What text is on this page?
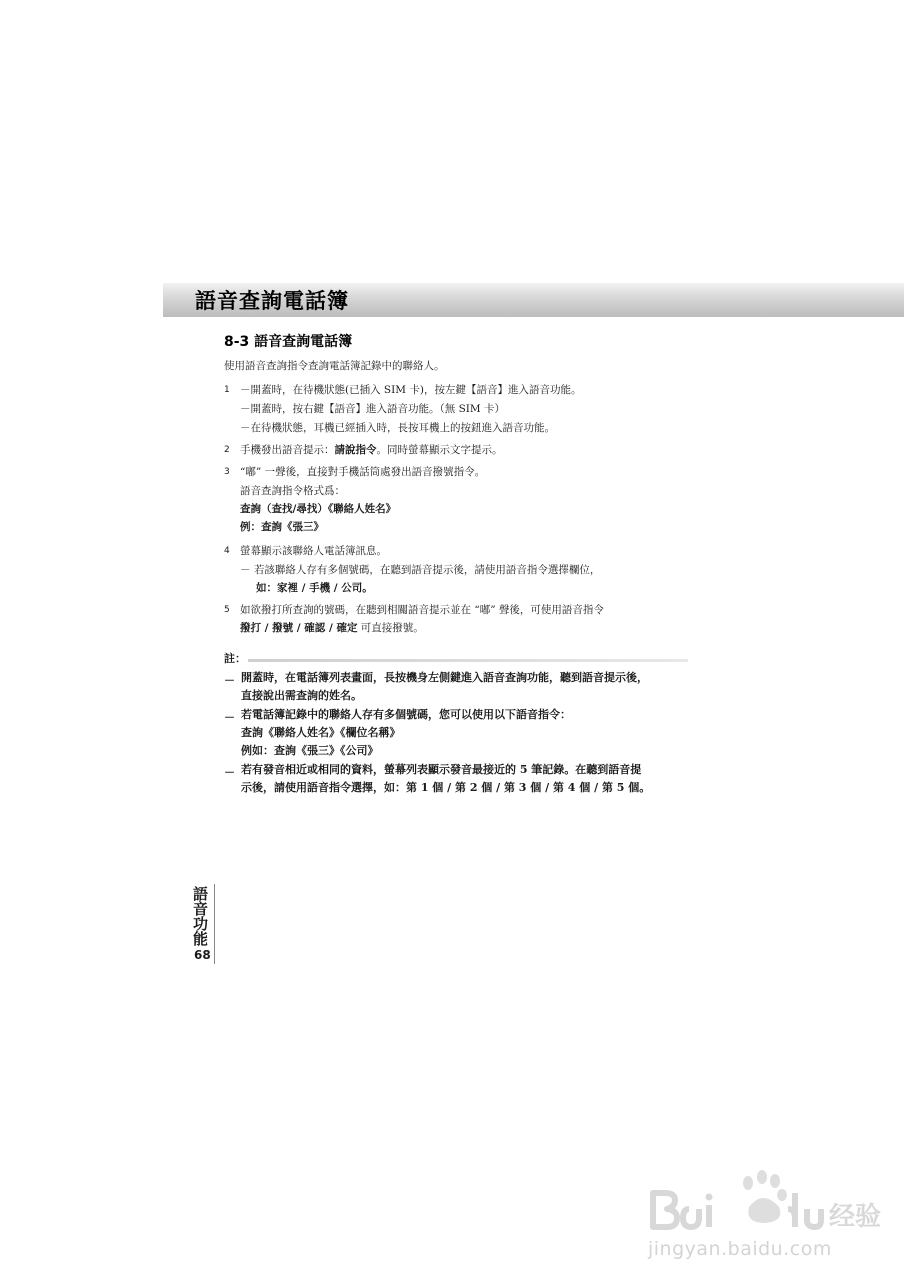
語音查詢電話簿
8-3 語音查詢電話簿
使用語音查詢指令查詢電話簿記錄中的聯絡人。
1 －開蓋時，在待機狀態(已插入 SIM 卡)，按左鍵【語音】進入語音功能。
－開蓋時，按右鍵【語音】進入語音功能。（無 SIM 卡）
－在待機狀態，耳機已經插入時，長按耳機上的按鈕進入語音功能。
2 手機發出語音提示：請說指令。同時螢幕顯示文字提示。
3 “嘟” 一聲後，直接對手機話筒處發出語音撥號指令。
語音查詢指令格式爲：
查詢（查找/尋找）《聯絡人姓名》
例：查詢《張三》
4 螢幕顯示該聯絡人電話簿訊息。
－ 若該聯絡人存有多個號碼，在聽到語音提示後，請使用語音指令選擇欄位，
如：家裡 / 手機 / 公司。
5 如欲撥打所查詢的號碼，在聽到相關語音提示並在 “嘟” 聲後，可使用語音指令
撥打 / 撥號 / 確認 / 確定 可直接撥號。
註：
－ 開蓋時，在電話簿列表畫面，長按機身左側鍵進入語音查詢功能，聽到語音提示後，
直接說出需查詢的姓名。
－ 若電話簿記錄中的聯絡人存有多個號碼，您可以使用以下語音指令：
查詢《聯絡人姓名》《欄位名稱》
例如：查詢《張三》《公司》
－ 若有發音相近或相同的資料，螢幕列表顯示發音最接近的 5 筆記錄。在聽到語音提
示後，請使用語音指令選擇，如：第 1 個 / 第 2 個 / 第 3 個 / 第 4 個 / 第 5 個。
語
音
功
能
68
经验
jingyan.baidu.com
